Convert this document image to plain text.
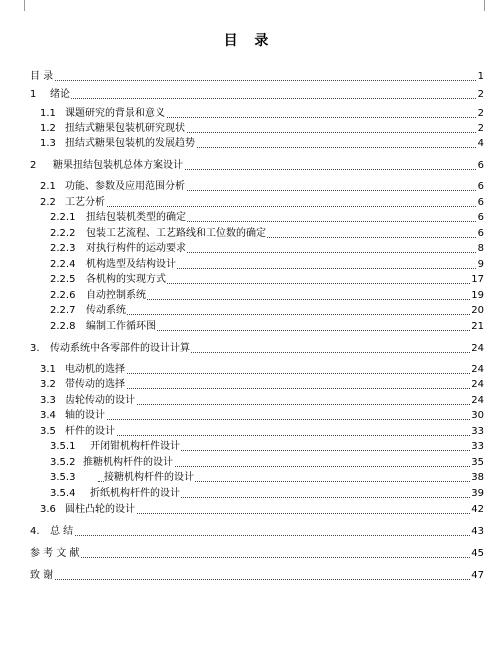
目 录
目 录	1
1 绪论	2
1.1 课题研究的背景和意义	2
1.2 扭结式糖果包装机研究现状	2
1.3 扭结式糖果包装机的发展趋势	4
2 糖果扭结包装机总体方案设计	6
2.1 功能、参数及应用范围分析	6
2.2 工艺分析	6
2.2.1 扭结包装机类型的确定	6
2.2.2 包装工艺流程、工艺路线和工位数的确定	6
2.2.3 对执行构件的运动要求	8
2.2.4 机构选型及结构设计	9
2.2.5 各机构的实现方式	17
2.2.6 自动控制系统	19
2.2.7 传动系统	20
2.2.8 编制工作循环图	21
3. 传动系统中各零部件的设计计算	24
3.1 电动机的选择	24
3.2 带传动的选择	24
3.3 齿轮传动的设计	24
3.4 轴的设计	30
3.5 杆件的设计	33
3.5.1 开闭钳机构杆件设计	33
3.5.2 推糖机构杆件的设计	35
3.5.3	接糖机构杆件的设计	38
3.5.4 折纸机构杆件的设计	39
3.6 圆柱凸轮的设计	42
4. 总 结	43
参 考 文 献	45
致 谢	47
